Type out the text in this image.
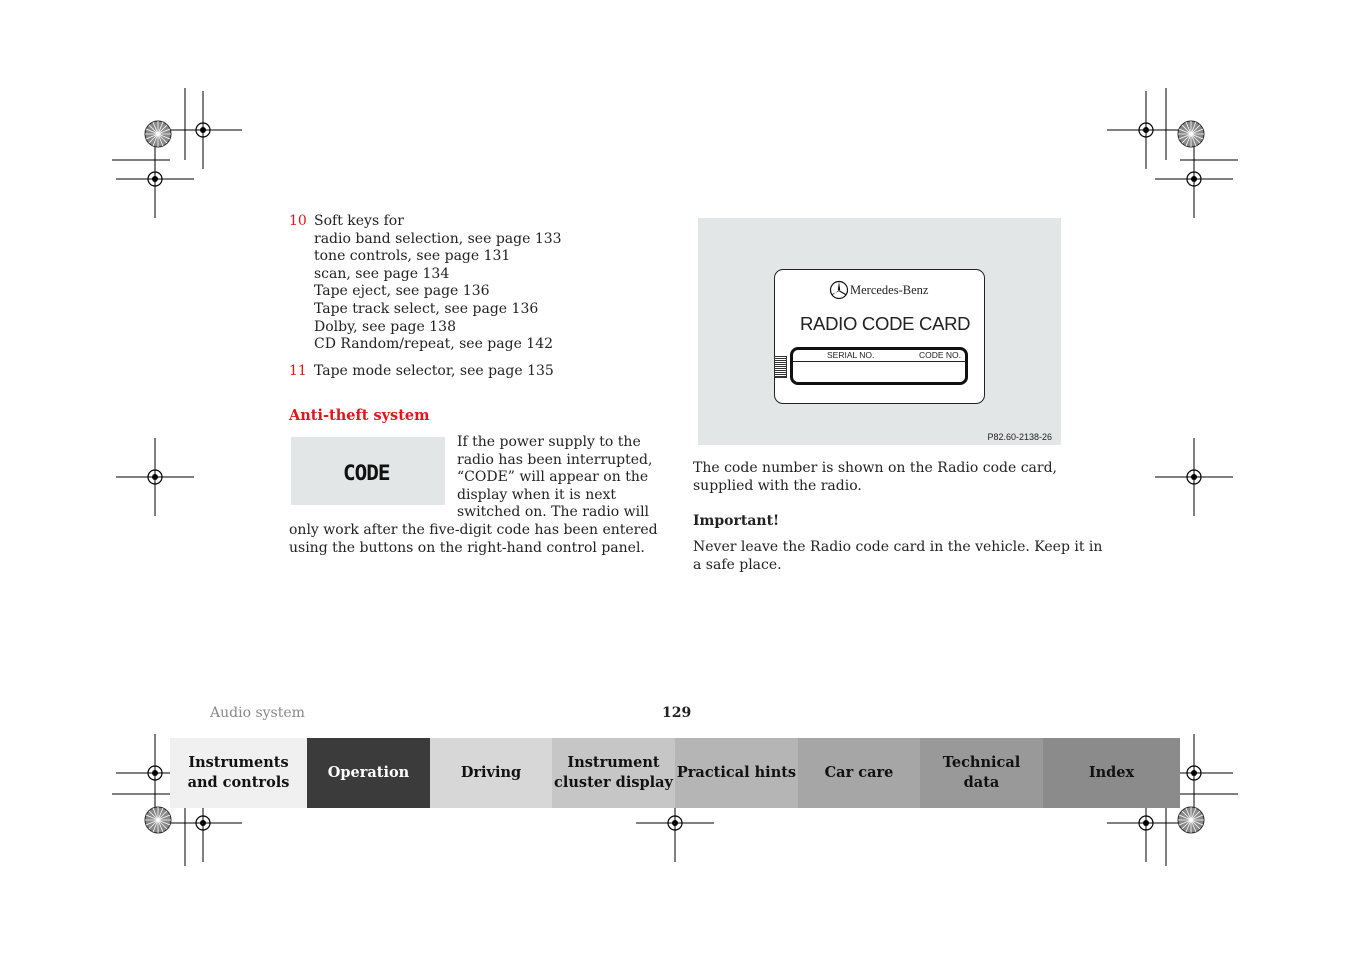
10 Soft keys for
radio band selection, see page 133
tone controls, see page 131
scan, see page 134
Tape eject, see page 136
Tape track select, see page 136
Dolby, see page 138
CD Random/repeat, see page 142
11 Tape mode selector, see page 135
Anti-theft system
CODE
If the power supply to the
radio has been interrupted,
“CODE” will appear on the
display when it is next
switched on. The radio will
only work after the five-digit code has been entered
using the buttons on the right-hand control panel.
Mercedes-Benz
RADIO CODE CARD
SERIAL NO.	CODE NO.
P82.60-2138-26
The code number is shown on the Radio code card,
supplied with the radio.
Important!
Never leave the Radio code card in the vehicle. Keep it in
a safe place.
Audio system	129
Instruments
and controls
Operation	Driving
Instrument
cluster display
Practical hints Car care
Technical
data
Index
